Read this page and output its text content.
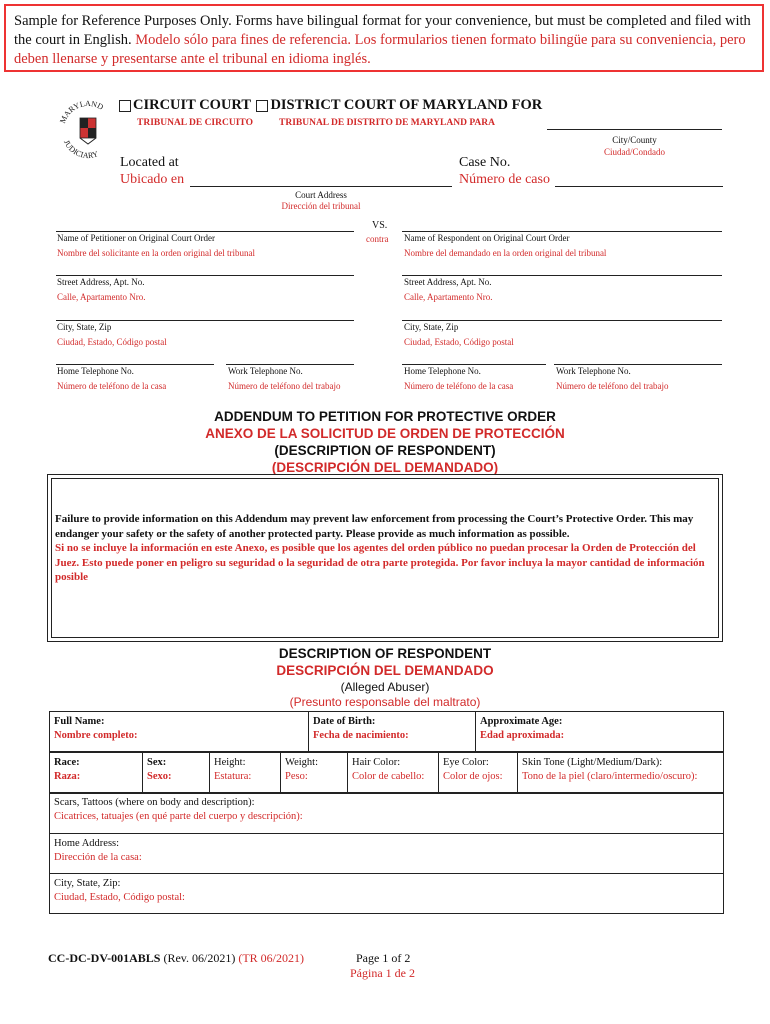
Sample for Reference Purposes Only. Forms have bilingual format for your convenience, but must be completed and filed with the court in English. Modelo sólo para fines de referencia. Los formularios tienen formato bilingüe para su conveniencia, pero deben llenarse y presentarse ante el tribunal en idioma inglés.
MARYLAND
JUDICIARY
CIRCUIT COURT DISTRICT COURT OF MARYLAND FOR
TRIBUNAL DE CIRCUITO	TRIBUNAL DE DISTRITO DE MARYLAND PARA
City/County
Ciudad/Condado
Located at
Ubicado en
Case No.
Número de caso
Court Address
Dirección del tribunal
VS.
contra
Name of Petitioner on Original Court Order
Nombre del solicitante en la orden original del tribunal
Name of Respondent on Original Court Order
Nombre del demandado en la orden original del tribunal
Street Address, Apt. No.
Calle, Apartamento Nro.
Street Address, Apt. No.
Calle, Apartamento Nro.
City, State, Zip
Ciudad, Estado, Código postal
City, State, Zip
Ciudad, Estado, Código postal
Home Telephone No.
Número de teléfono de la casa
Work Telephone No.
Número de teléfono del trabajo
Home Telephone No.
Número de teléfono de la casa
Work Telephone No.
Número de teléfono del trabajo
ADDENDUM TO PETITION FOR PROTECTIVE ORDER
ANEXO DE LA SOLICITUD DE ORDEN DE PROTECCIÓN
(DESCRIPTION OF RESPONDENT)
(DESCRIPCIÓN DEL DEMANDADO)
Failure to provide information on this Addendum may prevent law enforcement from processing the Court’s Protective Order. This may endanger your safety or the safety of another protected party. Please provide as much information as possible.
Si no se incluye la información en este Anexo, es posible que los agentes del orden público no puedan procesar la Orden de Protección del Juez. Esto puede poner en peligro su seguridad o la seguridad de otra parte protegida. Por favor incluya la mayor cantidad de información posible
DESCRIPTION OF RESPONDENT
DESCRIPCIÓN DEL DEMANDADO
(Alleged Abuser)
(Presunto responsable del maltrato)
Full Name:
Nombre completo:

Date of Birth:
Fecha de nacimiento:

Approximate Age:
Edad aproximada:
Race:
Raza:

Sex:
Sexo:

Height:
Estatura:

Weight:
Peso:

Hair Color:
Color de cabello:

Eye Color:
Color de ojos:

Skin Tone (Light/Medium/Dark):
Tono de la piel (claro/intermedio/oscuro):
Scars, Tattoos (where on body and description):
Cicatrices, tatuajes (en qué parte del cuerpo y descripción):

Home Address:
Dirección de la casa:

City, State, Zip:
Ciudad, Estado, Código postal:
CC-DC-DV-001ABLS (Rev. 06/2021) (TR 06/2021)	Page 1 of 2
Página 1 de 2
